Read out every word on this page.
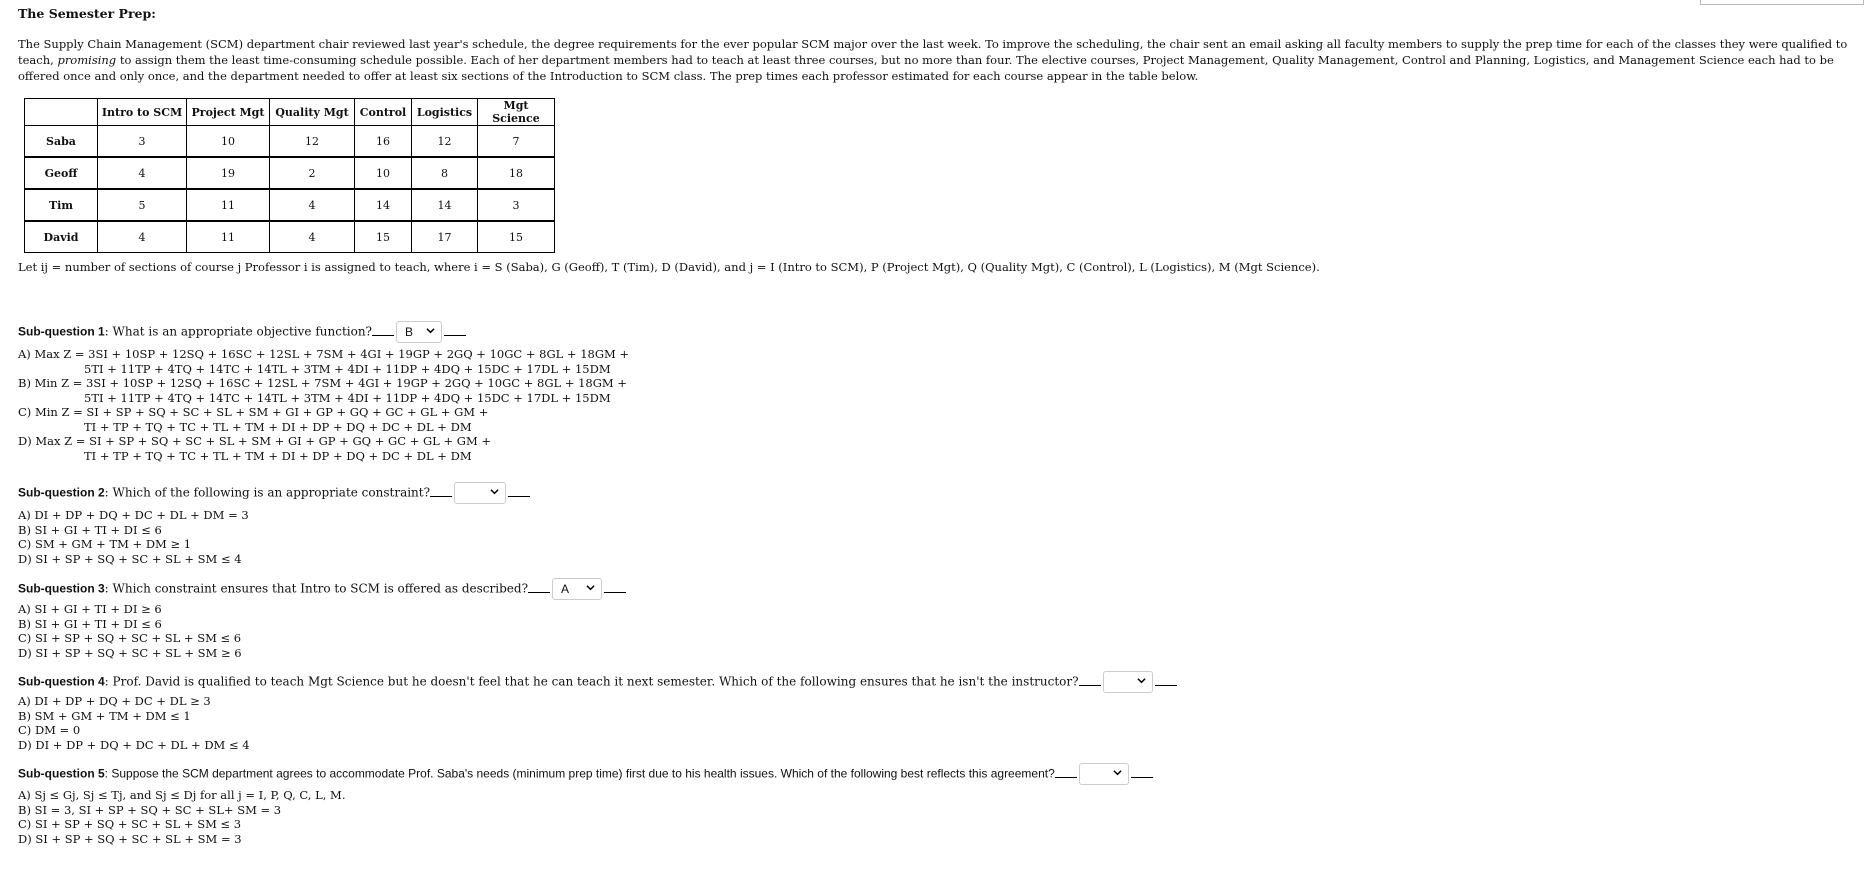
The Semester Prep:
The Supply Chain Management (SCM) department chair reviewed last year's schedule, the degree requirements for the ever popular SCM major over the last week. To improve the scheduling, the chair sent an email asking all faculty members to supply the prep time for each of the classes they were qualified to teach, promising to assign them the least time-consuming schedule possible. Each of her department members had to teach at least three courses, but no more than four. The elective courses, Project Management, Quality Management, Control and Planning, Logistics, and Management Science each had to be offered once and only once, and the department needed to offer at least six sections of the Introduction to SCM class. The prep times each professor estimated for each course appear in the table below.
	Intro to SCM	Project Mgt	Quality Mgt	Control	Logistics	Mgt Science
Saba	3	10	12	16	12	7
Geoff	4	19	2	10	8	18
Tim	5	11	4	14	14	3
David	4	11	4	15	17	15
Let ij = number of sections of course j Professor i is assigned to teach, where i = S (Saba), G (Geoff), T (Tim), D (David), and j = I (Intro to SCM), P (Project Mgt), Q (Quality Mgt), C (Control), L (Logistics), M (Mgt Science).
Sub-question 1: What is an appropriate objective function?	B
A) Max Z = 3SI + 10SP + 12SQ + 16SC + 12SL + 7SM + 4GI + 19GP + 2GQ + 10GC + 8GL + 18GM +
5TI + 11TP + 4TQ + 14TC + 14TL + 3TM + 4DI + 11DP + 4DQ + 15DC + 17DL + 15DM
B) Min Z = 3SI + 10SP + 12SQ + 16SC + 12SL + 7SM + 4GI + 19GP + 2GQ + 10GC + 8GL + 18GM +
5TI + 11TP + 4TQ + 14TC + 14TL + 3TM + 4DI + 11DP + 4DQ + 15DC + 17DL + 15DM
C) Min Z = SI + SP + SQ + SC + SL + SM + GI + GP + GQ + GC + GL + GM +
TI + TP + TQ + TC + TL + TM + DI + DP + DQ + DC + DL + DM
D) Max Z = SI + SP + SQ + SC + SL + SM + GI + GP + GQ + GC + GL + GM +
TI + TP + TQ + TC + TL + TM + DI + DP + DQ + DC + DL + DM
Sub-question 2: Which of the following is an appropriate constraint?
A) DI + DP + DQ + DC + DL + DM = 3
B) SI + GI + TI + DI ≤ 6
C) SM + GM + TM + DM ≥ 1
D) SI + SP + SQ + SC + SL + SM ≤ 4
Sub-question 3: Which constraint ensures that Intro to SCM is offered as described?	A
A) SI + GI + TI + DI ≥ 6
B) SI + GI + TI + DI ≤ 6
C) SI + SP + SQ + SC + SL + SM ≤ 6
D) SI + SP + SQ + SC + SL + SM ≥ 6
Sub-question 4: Prof. David is qualified to teach Mgt Science but he doesn't feel that he can teach it next semester. Which of the following ensures that he isn't the instructor?
A) DI + DP + DQ + DC + DL ≥ 3
B) SM + GM + TM + DM ≤ 1
C) DM = 0
D) DI + DP + DQ + DC + DL + DM ≤ 4
Sub-question 5: Suppose the SCM department agrees to accommodate Prof. Saba's needs (minimum prep time) first due to his health issues. Which of the following best reflects this agreement?
A) Sj ≤ Gj, Sj ≤ Tj, and Sj ≤ Dj for all j = I, P, Q, C, L, M.
B) SI = 3, SI + SP + SQ + SC + SL+ SM = 3
C) SI + SP + SQ + SC + SL + SM ≤ 3
D) SI + SP + SQ + SC + SL + SM = 3
